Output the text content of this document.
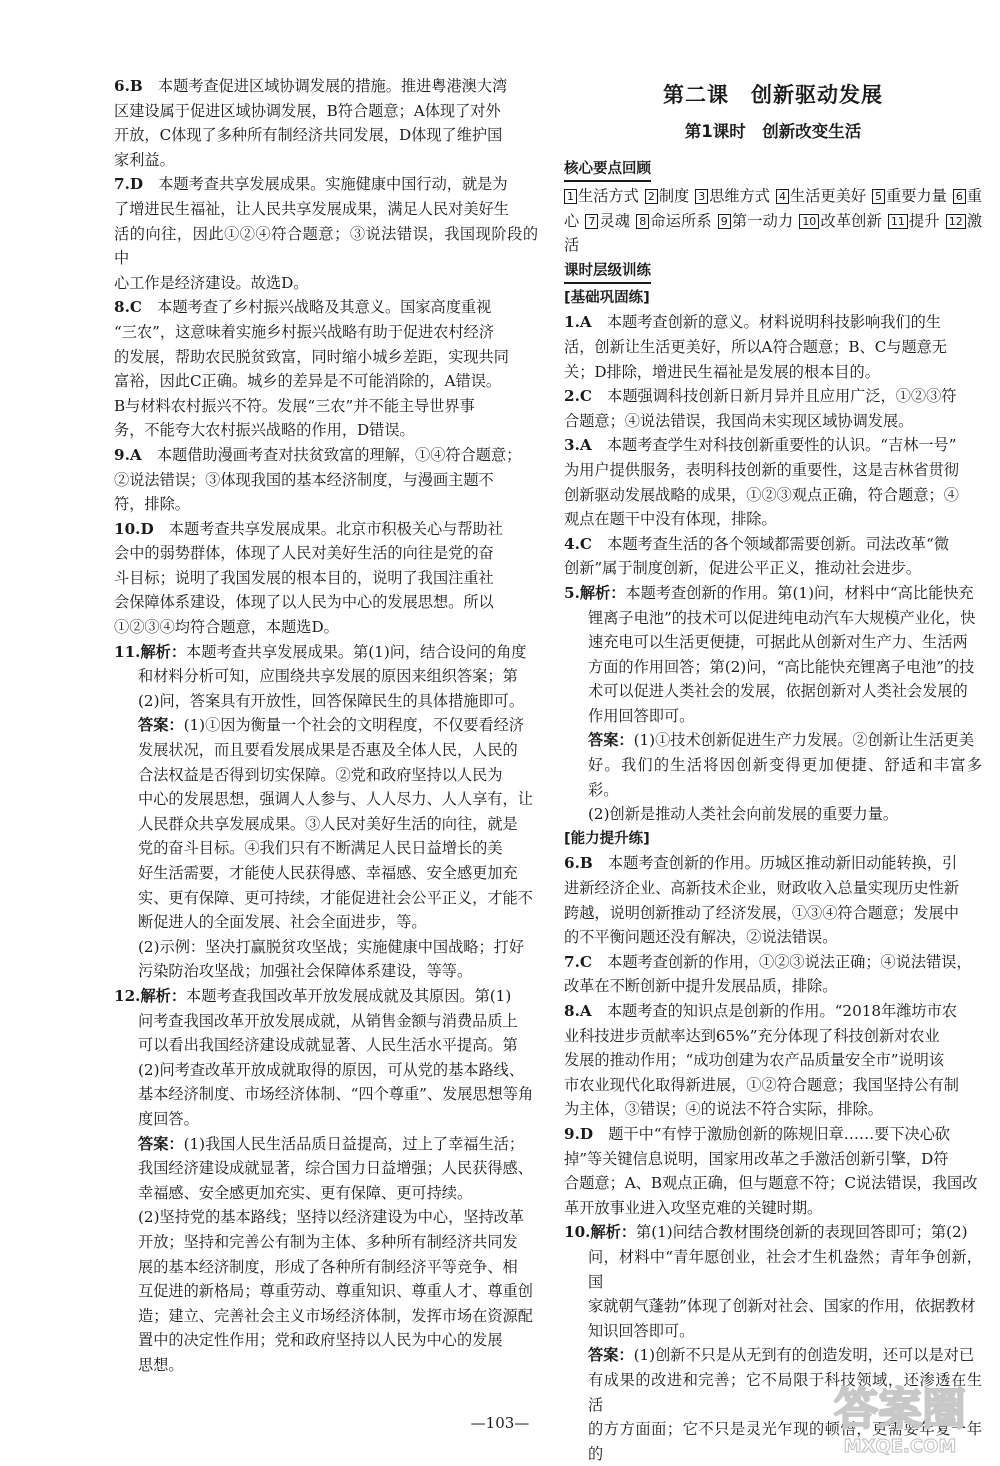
6.B　本题考查促进区域协调发展的措施。推进粤港澳大湾

区建设属于促进区域协调发展，B符合题意；A体现了对外

开放，C体现了多种所有制经济共同发展，D体现了维护国

家利益。

7.D　本题考查共享发展成果。实施健康中国行动，就是为

了增进民生福祉，让人民共享发展成果，满足人民对美好生

活的向往，因此①②④符合题意；③说法错误，我国现阶段的中

心工作是经济建设。故选D。

8.C　本题考查了乡村振兴战略及其意义。国家高度重视

“三农”，这意味着实施乡村振兴战略有助于促进农村经济

的发展，帮助农民脱贫致富，同时缩小城乡差距，实现共同

富裕，因此C正确。城乡的差异是不可能消除的，A错误。

B与材料农村振兴不符。发展“三农”并不能主导世界事

务，不能夸大农村振兴战略的作用，D错误。

9.A　本题借助漫画考查对扶贫致富的理解，①④符合题意；

②说法错误；③体现我国的基本经济制度，与漫画主题不

符，排除。

10.D　本题考查共享发展成果。北京市积极关心与帮助社

会中的弱势群体，体现了人民对美好生活的向往是党的奋

斗目标；说明了我国发展的根本目的，说明了我国注重社

会保障体系建设，体现了以人民为中心的发展思想。所以

①②③④均符合题意，本题选D。

11.解析：本题考查共享发展成果。第(1)问，结合设问的角度

和材料分析可知，应围绕共享发展的原因来组织答案；第

(2)问，答案具有开放性，回答保障民生的具体措施即可。

答案：(1)①因为衡量一个社会的文明程度，不仅要看经济

发展状况，而且要看发展成果是否惠及全体人民，人民的

合法权益是否得到切实保障。②党和政府坚持以人民为

中心的发展思想，强调人人参与、人人尽力、人人享有，让

人民群众共享发展成果。③人民对美好生活的向往，就是

党的奋斗目标。④我们只有不断满足人民日益增长的美

好生活需要，才能使人民获得感、幸福感、安全感更加充

实、更有保障、更可持续，才能促进社会公平正义，才能不

断促进人的全面发展、社会全面进步，等。

(2)示例：坚决打赢脱贫攻坚战；实施健康中国战略；打好

污染防治攻坚战；加强社会保障体系建设，等等。

12.解析：本题考查我国改革开放发展成就及其原因。第(1)

问考查我国改革开放发展成就，从销售金额与消费品质上

可以看出我国经济建设成就显著、人民生活水平提高。第

(2)问考查改革开放成就取得的原因，可从党的基本路线、

基本经济制度、市场经济体制、“四个尊重”、发展思想等角

度回答。

答案：(1)我国人民生活品质日益提高，过上了幸福生活；

我国经济建设成就显著，综合国力日益增强；人民获得感、

幸福感、安全感更加充实、更有保障、更可持续。

(2)坚持党的基本路线；坚持以经济建设为中心，坚持改革

开放；坚持和完善公有制为主体、多种所有制经济共同发

展的基本经济制度，形成了各种所有制经济平等竞争、相

互促进的新格局；尊重劳动、尊重知识、尊重人才、尊重创

造；建立、完善社会主义市场经济体制，发挥市场在资源配

置中的决定性作用；党和政府坚持以人民为中心的发展

思想。

第二课　创新驱动发展
第1课时　创新改变生活
核心要点回顾

1 生活方式 2 制度 3 思维方式 4 生活更美好 5 重要力量 6 重心 7 灵魂 8 命运所系 9 第一动力 10 改革创新 11 提升 12 激活

课时层级训练

[基础巩固练]

1.A　本题考查创新的意义。材料说明科技影响我们的生

活，创新让生活更美好，所以A符合题意；B、C与题意无

关；D排除，增进民生福祉是发展的根本目的。

2.C　本题强调科技创新日新月异并且应用广泛，①②③符

合题意；④说法错误，我国尚未实现区域协调发展。

3.A　本题考查学生对科技创新重要性的认识。“吉林一号”

为用户提供服务，表明科技创新的重要性，这是吉林省贯彻

创新驱动发展战略的成果，①②③观点正确，符合题意；④

观点在题干中没有体现，排除。

4.C　本题考查生活的各个领域都需要创新。司法改革“微

创新”属于制度创新，促进公平正义，推动社会进步。

5.解析：本题考查创新的作用。第(1)问，材料中“高比能快充

锂离子电池”的技术可以促进纯电动汽车大规模产业化，快

速充电可以生活更便捷，可据此从创新对生产力、生活两

方面的作用回答；第(2)问，“高比能快充锂离子电池”的技

术可以促进人类社会的发展，依据创新对人类社会发展的

作用回答即可。

答案：(1)①技术创新促进生产力发展。②创新让生活更美

好。我们的生活将因创新变得更加便捷、舒适和丰富多彩。

(2)创新是推动人类社会向前发展的重要力量。

[能力提升练]

6.B　本题考查创新的作用。历城区推动新旧动能转换，引

进新经济企业、高新技术企业，财政收入总量实现历史性新

跨越，说明创新推动了经济发展，①③④符合题意；发展中

的不平衡问题还没有解决，②说法错误。

7.C　本题考查创新的作用，①②③说法正确；④说法错误，

改革在不断创新中提升发展品质，排除。

8.A　本题考查的知识点是创新的作用。“2018年潍坊市农

业科技进步贡献率达到65%”充分体现了科技创新对农业

发展的推动作用；“成功创建为农产品质量安全市”说明该

市农业现代化取得新进展，①②符合题意；我国坚持公有制

为主体，③错误；④的说法不符合实际，排除。

9.D　题干中“有悖于激励创新的陈规旧章……要下决心砍

掉”等关键信息说明，国家用改革之手激活创新引擎，D符

合题意；A、B观点正确，但与题意不符；C说法错误，我国改

革开放事业进入攻坚克难的关键时期。

10.解析：第(1)问结合教材围绕创新的表现回答即可；第(2)

问，材料中“青年愿创业，社会才生机盎然；青年争创新，国

家就朝气蓬勃”体现了创新对社会、国家的作用，依据教材

知识回答即可。

答案：(1)创新不只是从无到有的创造发明，还可以是对已

有成果的改进和完善；它不局限于科技领域，还渗透在生活

的方方面面；它不只是灵光乍现的顿悟，更需要年复一年的

—103—	答案圈
MXQE.COM
